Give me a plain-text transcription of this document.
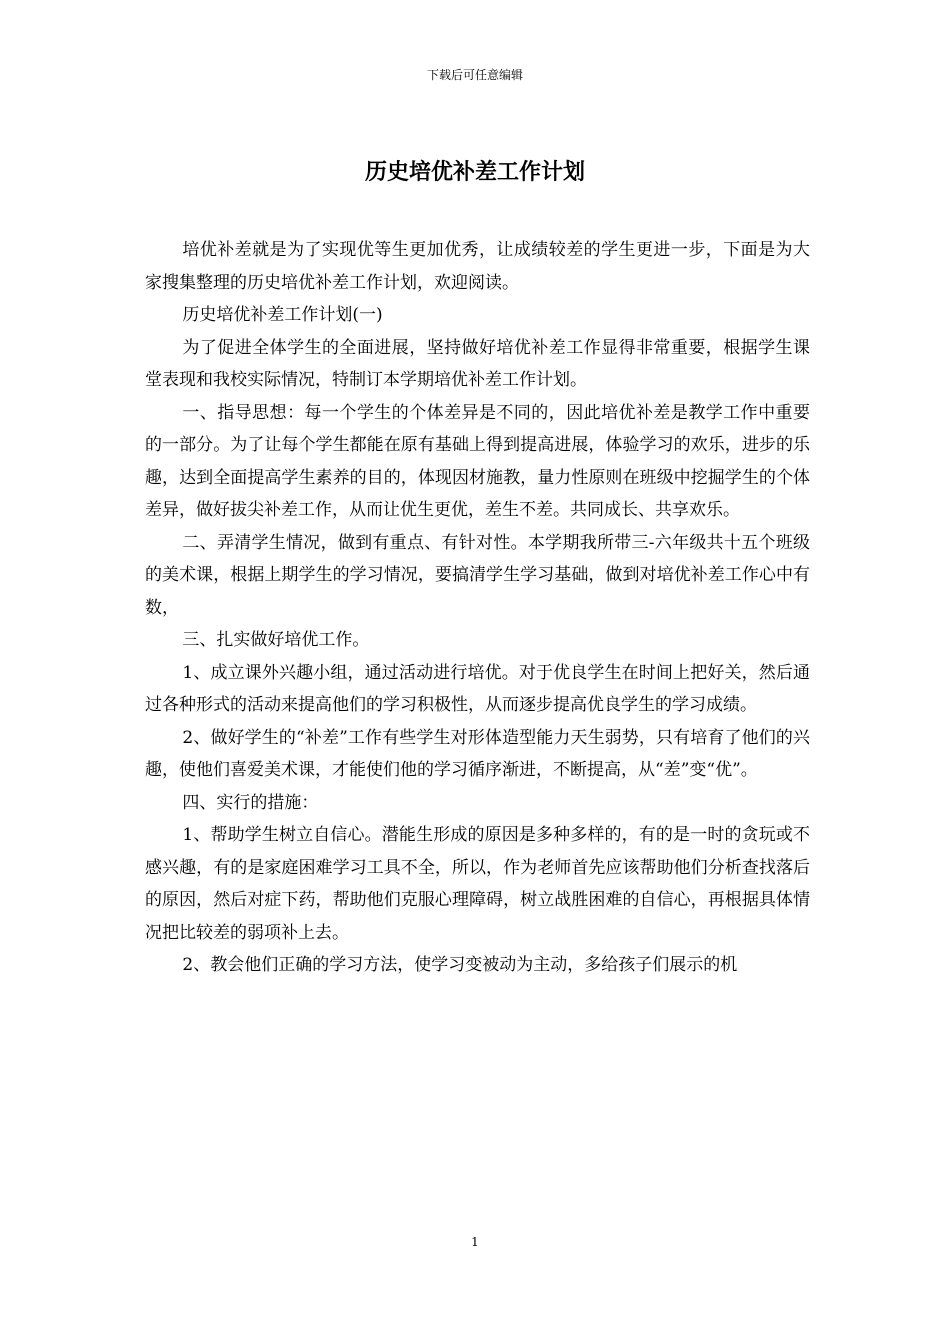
下载后可任意编辑
历史培优补差工作计划

培优补差就是为了实现优等生更加优秀，让成绩较差的学生更进一步，下面是为大家搜集整理的历史培优补差工作计划，欢迎阅读。

历史培优补差工作计划(一)

为了促进全体学生的全面进展，坚持做好培优补差工作显得非常重要，根据学生课堂表现和我校实际情况，特制订本学期培优补差工作计划。

一、指导思想：每一个学生的个体差异是不同的，因此培优补差是教学工作中重要的一部分。为了让每个学生都能在原有基础上得到提高进展，体验学习的欢乐，进步的乐趣，达到全面提高学生素养的目的，体现因材施教，量力性原则在班级中挖掘学生的个体差异，做好拔尖补差工作，从而让优生更优，差生不差。共同成长、共享欢乐。

二、弄清学生情况，做到有重点、有针对性。本学期我所带三-六年级共十五个班级的美术课，根据上期学生的学习情况，要搞清学生学习基础，做到对培优补差工作心中有数，

三、扎实做好培优工作。

1、成立课外兴趣小组，通过活动进行培优。对于优良学生在时间上把好关，然后通过各种形式的活动来提高他们的学习积极性，从而逐步提高优良学生的学习成绩。

2、做好学生的“补差”工作有些学生对形体造型能力天生弱势，只有培育了他们的兴趣，使他们喜爱美术课，才能使们他的学习循序渐进，不断提高，从“差”变“优”。

四、实行的措施：

1、帮助学生树立自信心。潜能生形成的原因是多种多样的，有的是一时的贪玩或不感兴趣，有的是家庭困难学习工具不全，所以，作为老师首先应该帮助他们分析查找落后的原因，然后对症下药，帮助他们克服心理障碍，树立战胜困难的自信心，再根据具体情况把比较差的弱项补上去。

2、教会他们正确的学习方法，使学习变被动为主动，多给孩子们展示的机

1
